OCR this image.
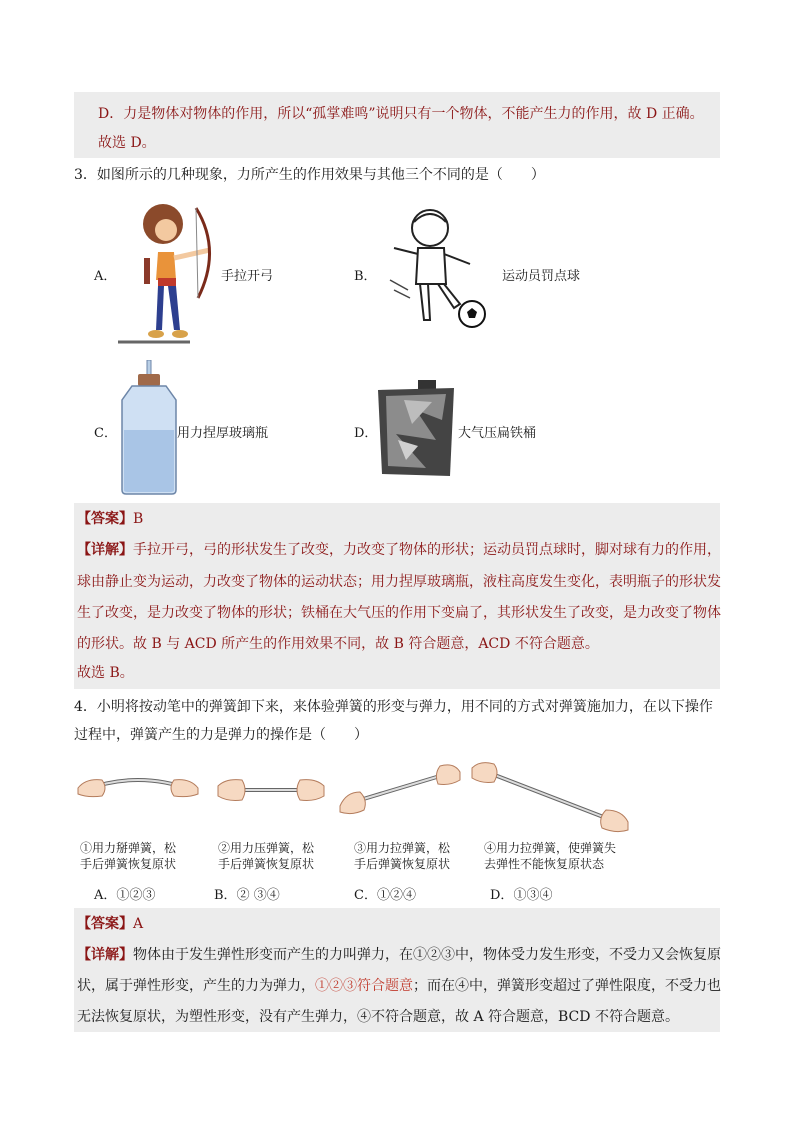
D．力是物体对物体的作用，所以“孤掌难鸣”说明只有一个物体，不能产生力的作用，故 D 正确。
故选 D。
3．如图所示的几种现象，力所产生的作用效果与其他三个不同的是（　　）
A．	手拉开弓	B．	运动员罚点球
C．	用力捏厚玻璃瓶	D．	大气压扁铁桶
【答案】B
【详解】手拉开弓，弓的形状发生了改变，力改变了物体的形状；运动员罚点球时，脚对球有力的作用，
球由静止变为运动，力改变了物体的运动状态；用力捏厚玻璃瓶，液柱高度发生变化，表明瓶子的形状发
生了改变，是力改变了物体的形状；铁桶在大气压的作用下变扁了，其形状发生了改变，是力改变了物体
的形状。故 B 与 ACD 所产生的作用效果不同，故 B 符合题意，ACD 不符合题意。
故选 B。
4．小明将按动笔中的弹簧卸下来，来体验弹簧的形变与弹力，用不同的方式对弹簧施加力，在以下操作
过程中，弹簧产生的力是弹力的操作是（　　）
①用力掰弹簧，松
手后弹簧恢复原状
②用力压弹簧，松
手后弹簧恢复原状
③用力拉弹簧，松
手后弹簧恢复原状
④用力拉弹簧，使弹簧失
去弹性不能恢复原状态
A．①②③	B．② ③④	C．①②④	D．①③④
【答案】A
【详解】物体由于发生弹性形变而产生的力叫弹力，在①②③中，物体受力发生形变，不受力又会恢复原
状，属于弹性形变，产生的力为弹力，①②③符合题意；而在④中，弹簧形变超过了弹性限度，不受力也
无法恢复原状，为塑性形变，没有产生弹力，④不符合题意，故 A 符合题意，BCD 不符合题意。
